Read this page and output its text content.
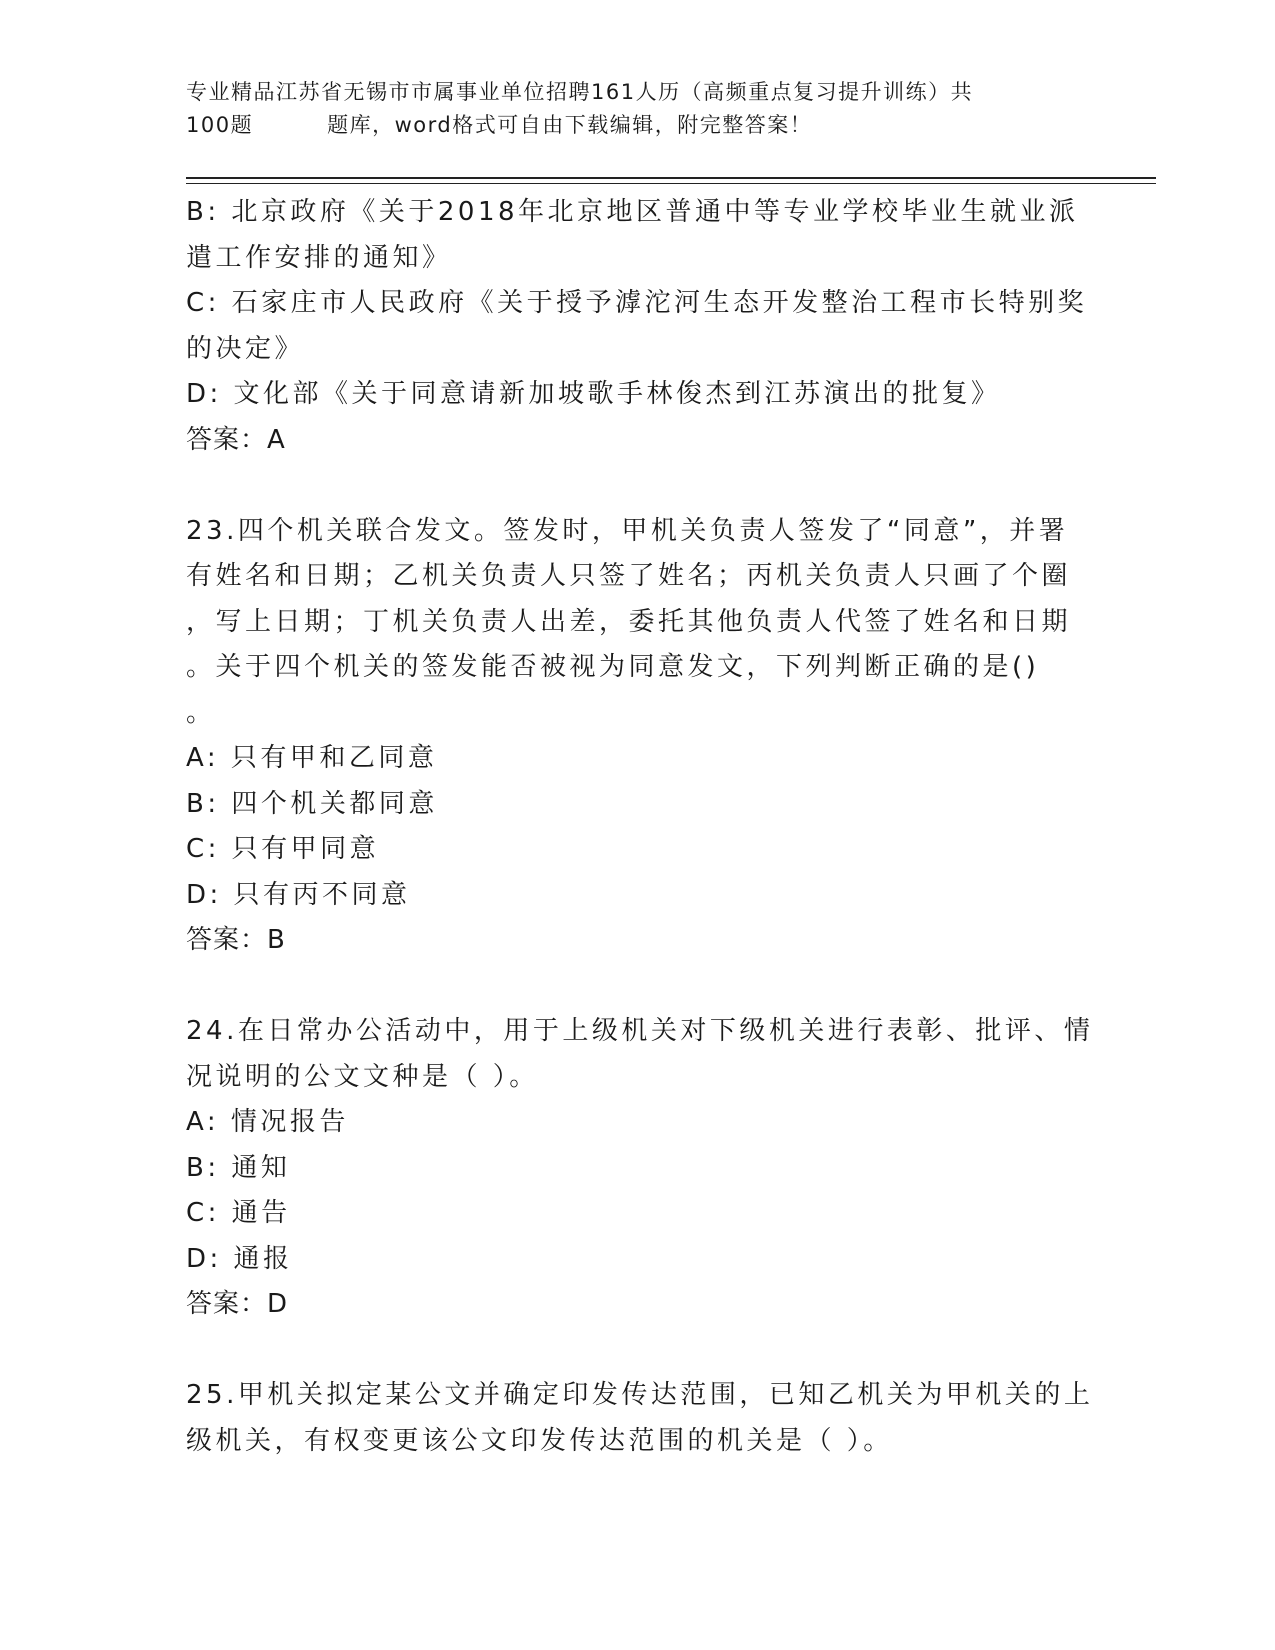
专业精品江苏省无锡市市属事业单位招聘161人历（高频重点复习提升训练）共
100题	题库，word格式可自由下载编辑，附完整答案！
B: 北京政府《关于2018年北京地区普通中等专业学校毕业生就业派
遣工作安排的通知》
C: 石家庄市人民政府《关于授予滹沱河生态开发整治工程市长特别奖
的决定》
D: 文化部《关于同意请新加坡歌手林俊杰到江苏演出的批复》
答案：A
23.四个机关联合发文。签发时，甲机关负责人签发了“同意”，并署
有姓名和日期；乙机关负责人只签了姓名；丙机关负责人只画了个圈
，写上日期；丁机关负责人出差，委托其他负责人代签了姓名和日期
。关于四个机关的签发能否被视为同意发文，下列判断正确的是()
。
A: 只有甲和乙同意
B: 四个机关都同意
C: 只有甲同意
D: 只有丙不同意
答案：B
24.在日常办公活动中，用于上级机关对下级机关进行表彰、批评、情
况说明的公文文种是（ ）。
A: 情况报告
B: 通知
C: 通告
D: 通报
答案：D
25.甲机关拟定某公文并确定印发传达范围，已知乙机关为甲机关的上
级机关，有权变更该公文印发传达范围的机关是（ ）。
